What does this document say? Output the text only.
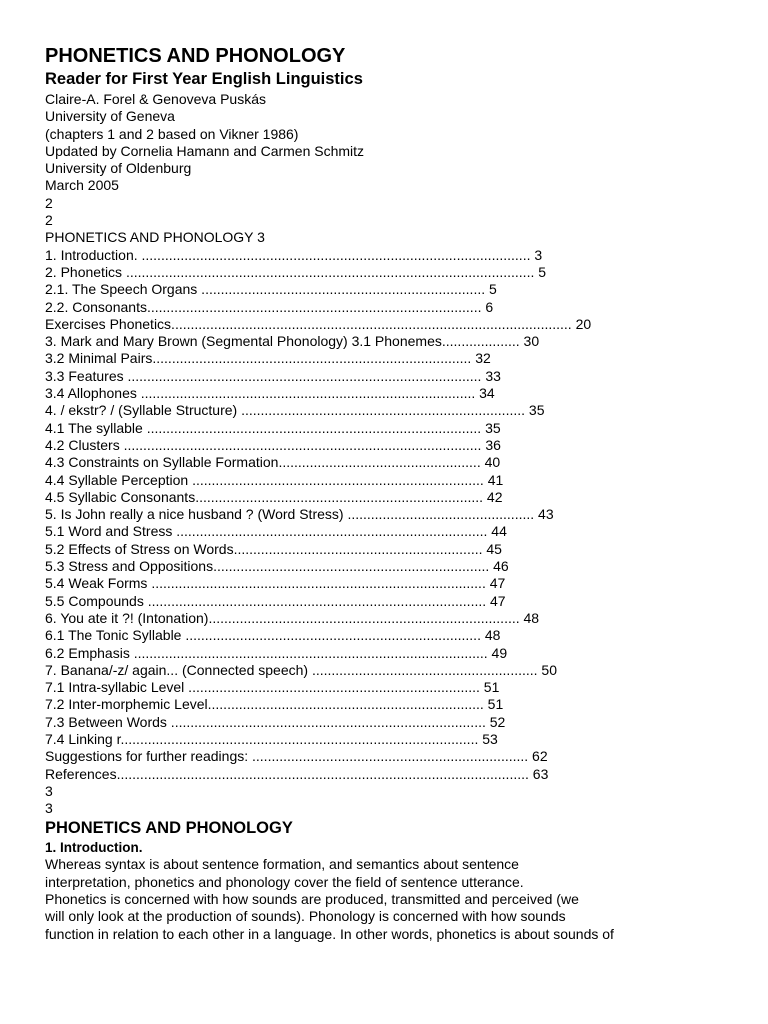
PHONETICS AND PHONOLOGY
Reader for First Year English Linguistics
Claire-A. Forel & Genoveva Puskás
University of Geneva
(chapters 1 and 2 based on Vikner 1986)
Updated by Cornelia Hamann and Carmen Schmitz
University of Oldenburg
March 2005
2
2
PHONETICS AND PHONOLOGY 3
1. Introduction. .................................................................................................... 3
2. Phonetics ......................................................................................................... 5
2.1. The Speech Organs ......................................................................... 5
2.2. Consonants...................................................................................... 6
Exercises Phonetics....................................................................................................... 20
3. Mark and Mary Brown (Segmental Phonology) 3.1 Phonemes.................... 30
3.2 Minimal Pairs.................................................................................. 32
3.3 Features ........................................................................................... 33
3.4 Allophones ...................................................................................... 34
4. / ekstr? / (Syllable Structure) ......................................................................... 35
4.1 The syllable ...................................................................................... 35
4.2 Clusters ............................................................................................ 36
4.3 Constraints on Syllable Formation.................................................... 40
4.4 Syllable Perception ........................................................................... 41
4.5 Syllabic Consonants.......................................................................... 42
5. Is John really a nice husband ? (Word Stress) ................................................ 43
5.1 Word and Stress ................................................................................ 44
5.2 Effects of Stress on Words................................................................ 45
5.3 Stress and Oppositions....................................................................... 46
5.4 Weak Forms ...................................................................................... 47
5.5 Compounds ....................................................................................... 47
6. You ate it ?! (Intonation)................................................................................ 48
6.1 The Tonic Syllable ............................................................................ 48
6.2 Emphasis ........................................................................................... 49
7. Banana/-z/ again... (Connected speech) .......................................................... 50
7.1 Intra-syllabic Level ........................................................................... 51
7.2 Inter-morphemic Level....................................................................... 51
7.3 Between Words ................................................................................. 52
7.4 Linking r............................................................................................ 53
Suggestions for further readings: ....................................................................... 62
References.......................................................................................................... 63
3
3
PHONETICS AND PHONOLOGY
1. Introduction.
Whereas syntax is about sentence formation, and semantics about sentence
interpretation, phonetics and phonology cover the field of sentence utterance.
Phonetics is concerned with how sounds are produced, transmitted and perceived (we
will only look at the production of sounds). Phonology is concerned with how sounds
function in relation to each other in a language. In other words, phonetics is about sounds of
